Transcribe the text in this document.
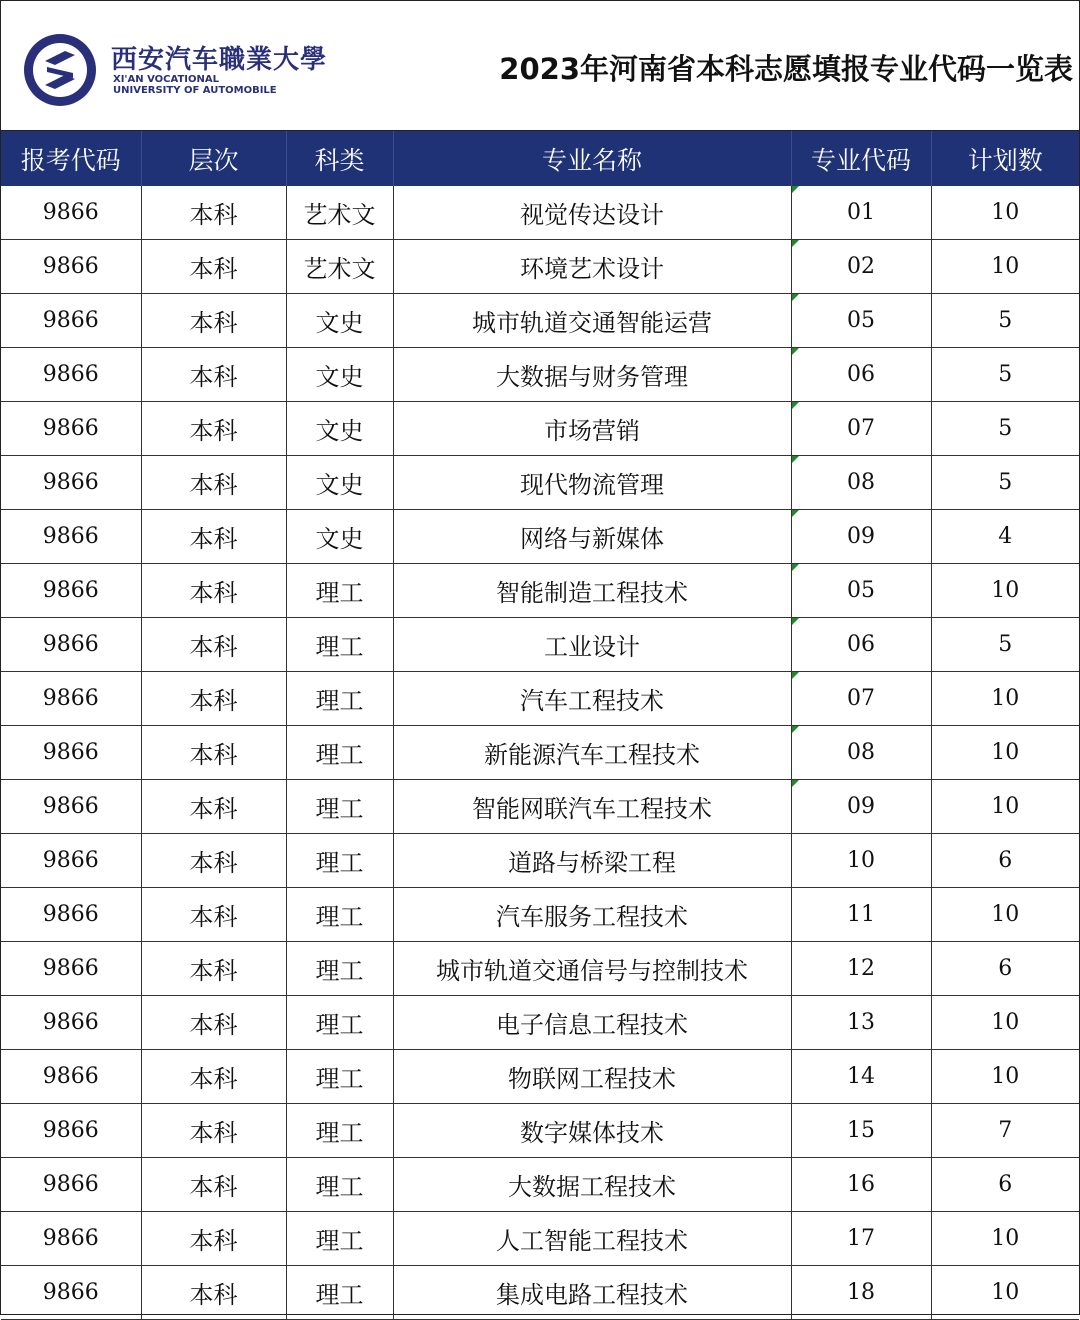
西安汽车職業大學
XI'AN VOCATIONAL
UNIVERSITY OF AUTOMOBILE
2023年河南省本科志愿填报专业代码一览表
报考代码	层次	科类	专业名称	专业代码	计划数
9866	本科	艺术文	视觉传达设计	01	10
9866	本科	艺术文	环境艺术设计	02	10
9866	本科	文史	城市轨道交通智能运营	05	5
9866	本科	文史	大数据与财务管理	06	5
9866	本科	文史	市场营销	07	5
9866	本科	文史	现代物流管理	08	5
9866	本科	文史	网络与新媒体	09	4
9866	本科	理工	智能制造工程技术	05	10
9866	本科	理工	工业设计	06	5
9866	本科	理工	汽车工程技术	07	10
9866	本科	理工	新能源汽车工程技术	08	10
9866	本科	理工	智能网联汽车工程技术	09	10
9866	本科	理工	道路与桥梁工程	10	6
9866	本科	理工	汽车服务工程技术	11	10
9866	本科	理工	城市轨道交通信号与控制技术	12	6
9866	本科	理工	电子信息工程技术	13	10
9866	本科	理工	物联网工程技术	14	10
9866	本科	理工	数字媒体技术	15	7
9866	本科	理工	大数据工程技术	16	6
9866	本科	理工	人工智能工程技术	17	10
9866	本科	理工	集成电路工程技术	18	10
